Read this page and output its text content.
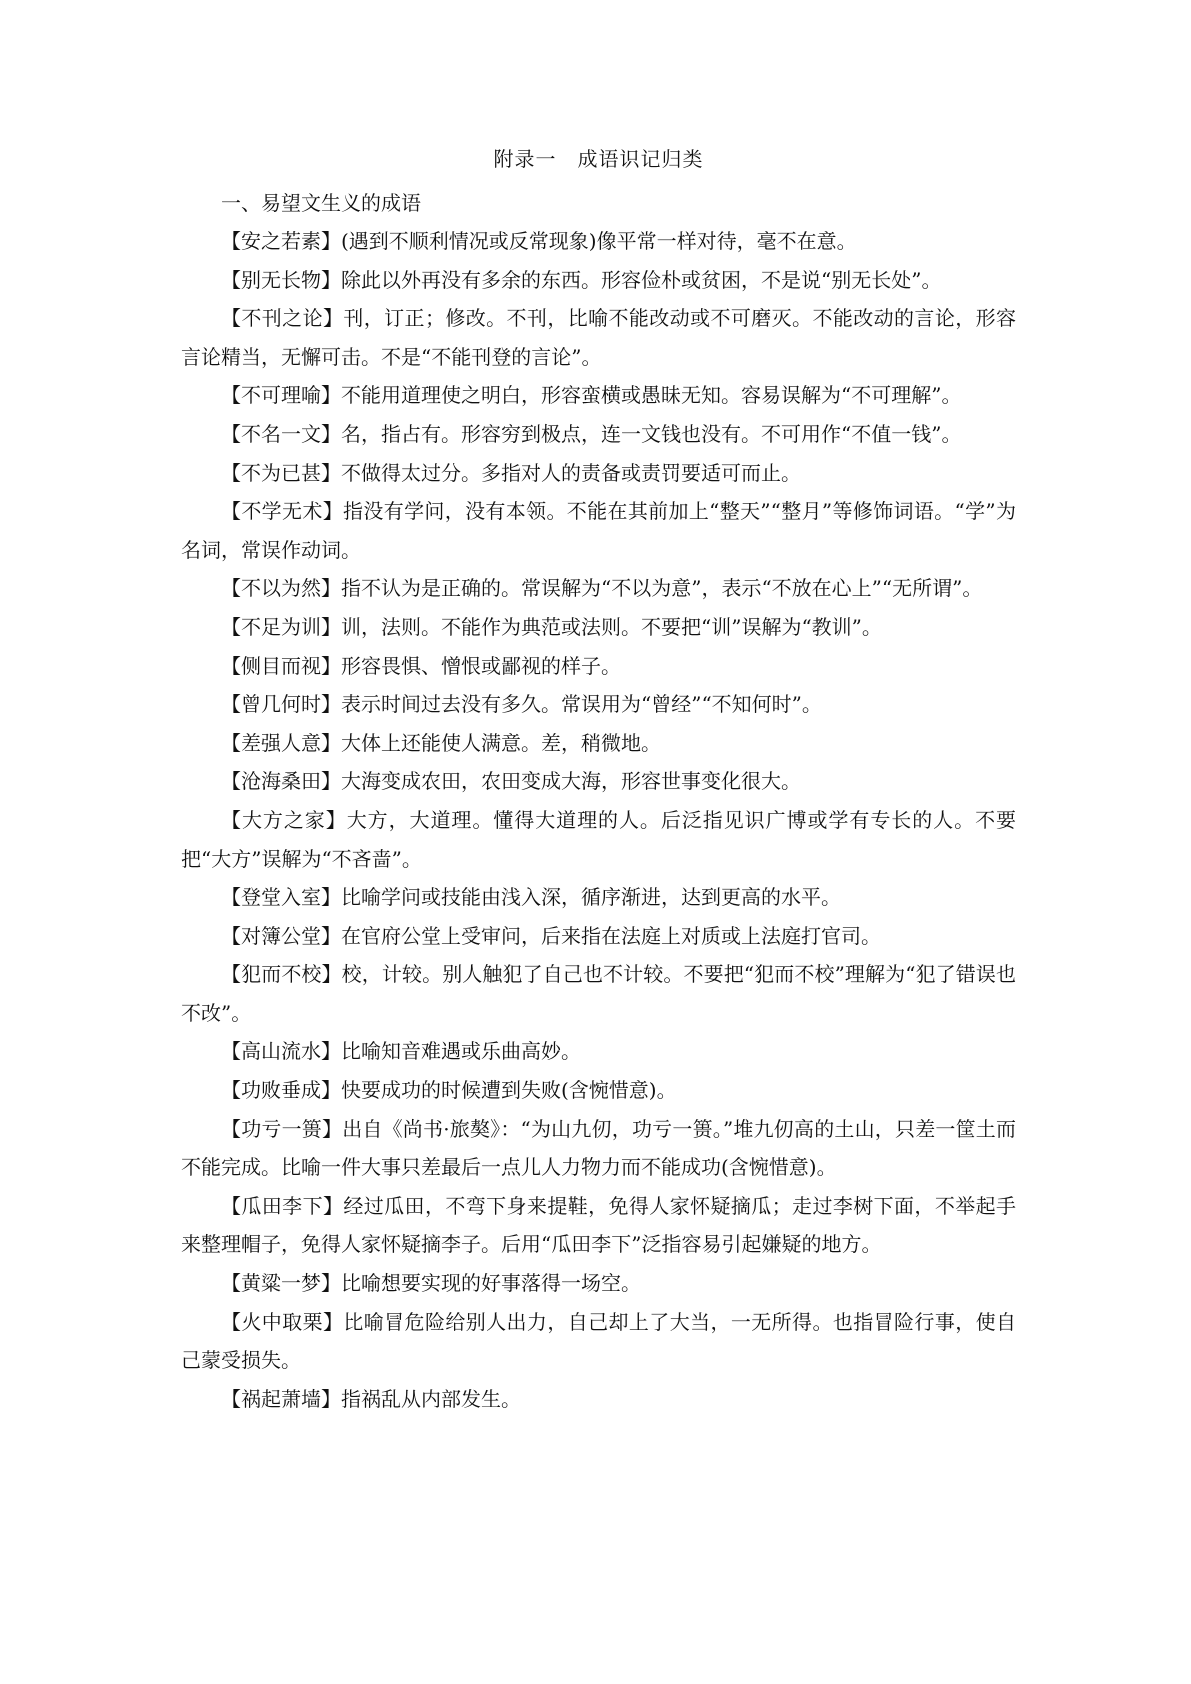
附录一　成语识记归类
一、易望文生义的成语

【安之若素】(遇到不顺利情况或反常现象)像平常一样对待，毫不在意。

【别无长物】除此以外再没有多余的东西。形容俭朴或贫困，不是说“别无长处”。

【不刊之论】刊，订正；修改。不刊，比喻不能改动或不可磨灭。不能改动的言论，形容言论精当，无懈可击。不是“不能刊登的言论”。

【不可理喻】不能用道理使之明白，形容蛮横或愚昧无知。容易误解为“不可理解”。

【不名一文】名，指占有。形容穷到极点，连一文钱也没有。不可用作“不值一钱”。

【不为已甚】不做得太过分。多指对人的责备或责罚要适可而止。

【不学无术】指没有学问，没有本领。不能在其前加上“整天”“整月”等修饰词语。“学”为名词，常误作动词。

【不以为然】指不认为是正确的。常误解为“不以为意”，表示“不放在心上”“无所谓”。

【不足为训】训，法则。不能作为典范或法则。不要把“训”误解为“教训”。

【侧目而视】形容畏惧、憎恨或鄙视的样子。

【曾几何时】表示时间过去没有多久。常误用为“曾经”“不知何时”。

【差强人意】大体上还能使人满意。差，稍微地。

【沧海桑田】大海变成农田，农田变成大海，形容世事变化很大。

【大方之家】大方，大道理。懂得大道理的人。后泛指见识广博或学有专长的人。不要把“大方”误解为“不吝啬”。

【登堂入室】比喻学问或技能由浅入深，循序渐进，达到更高的水平。

【对簿公堂】在官府公堂上受审问，后来指在法庭上对质或上法庭打官司。

【犯而不校】校，计较。别人触犯了自己也不计较。不要把“犯而不校”理解为“犯了错误也不改”。

【高山流水】比喻知音难遇或乐曲高妙。

【功败垂成】快要成功的时候遭到失败(含惋惜意)。

【功亏一篑】出自《尚书·旅獒》：“为山九仞，功亏一篑。”堆九仞高的土山，只差一筐土而不能完成。比喻一件大事只差最后一点儿人力物力而不能成功(含惋惜意)。

【瓜田李下】经过瓜田，不弯下身来提鞋，免得人家怀疑摘瓜；走过李树下面，不举起手来整理帽子，免得人家怀疑摘李子。后用“瓜田李下”泛指容易引起嫌疑的地方。

【黄粱一梦】比喻想要实现的好事落得一场空。

【火中取栗】比喻冒危险给别人出力，自己却上了大当，一无所得。也指冒险行事，使自己蒙受损失。

【祸起萧墙】指祸乱从内部发生。
